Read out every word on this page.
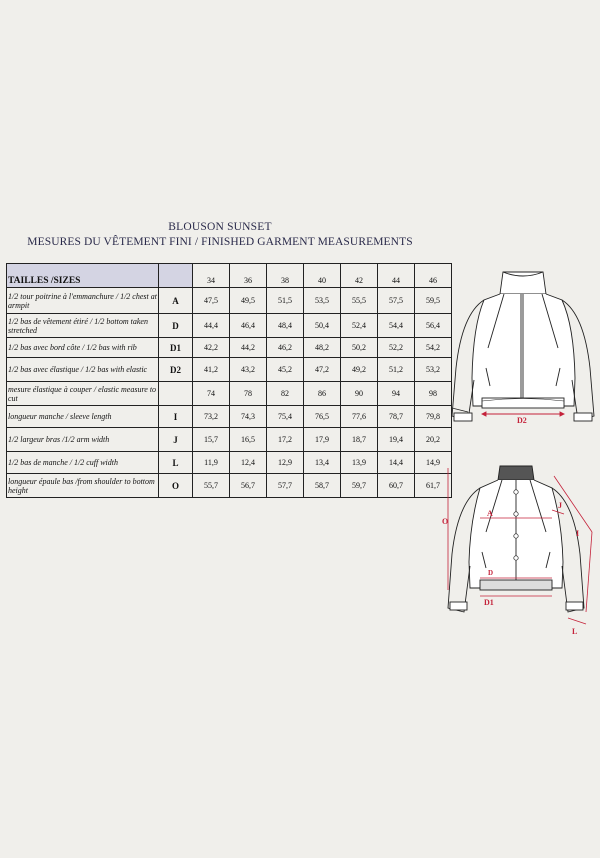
BLOUSON SUNSET
MESURES DU VÊTEMENT FINI / FINISHED GARMENT MEASUREMENTS
TAILLES /SIZES		34	36	38	40	42	44	46
1/2 tour poitrine à l'emmanchure / 1/2 chest at armpit	A	47,5	49,5	51,5	53,5	55,5	57,5	59,5
1/2 bas de vêtement étiré / 1/2 bottom taken stretched	D	44,4	46,4	48,4	50,4	52,4	54,4	56,4
1/2 bas avec bord côte / 1/2 bas with rib	D1	42,2	44,2	46,2	48,2	50,2	52,2	54,2
1/2 bas avec élastique / 1/2 bas with elastic	D2	41,2	43,2	45,2	47,2	49,2	51,2	53,2
mesure élastique à couper / elastic measure to cut		74	78	82	86	90	94	98
longueur manche / sleeve length	I	73,2	74,3	75,4	76,5	77,6	78,7	79,8
1/2 largeur bras /1/2 arm width	J	15,7	16,5	17,2	17,9	18,7	19,4	20,2
1/2 bas de manche / 1/2 cuff width	L	11,9	12,4	12,9	13,4	13,9	14,4	14,9
longueur épaule bas /from shoulder to bottom height	O	55,7	56,7	57,7	58,7	59,7	60,7	61,7
D2
O
A
J
I
D
D1
L
